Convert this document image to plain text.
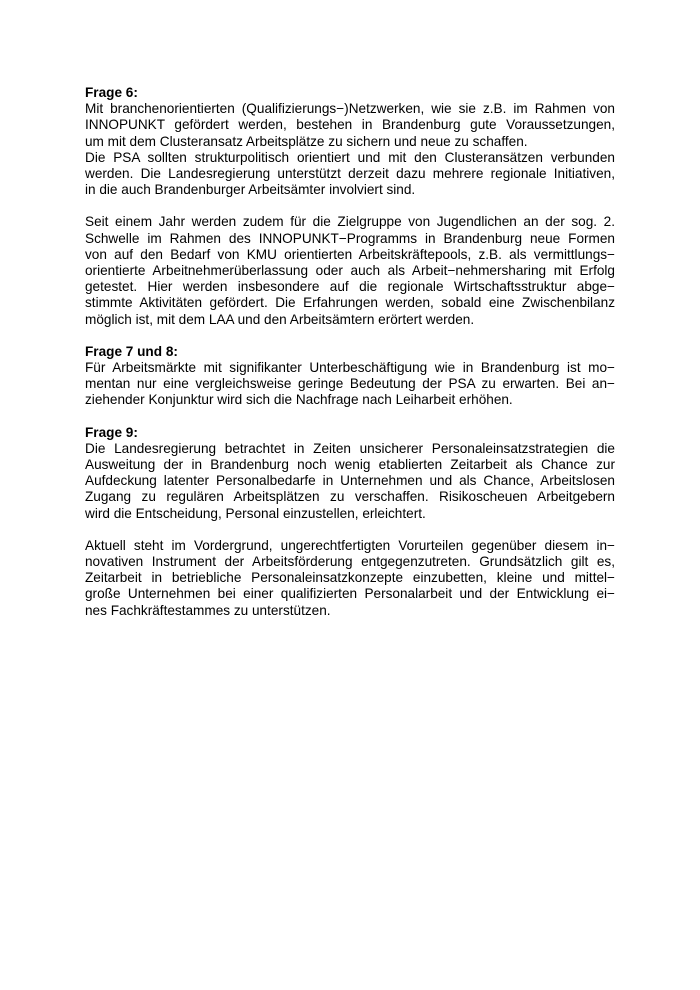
Frage 6:

Mit branchenorientierten (Qualifizierungs−)Netzwerken, wie sie z.B. im Rahmen von
INNOPUNKT gefördert werden, bestehen in Brandenburg gute Voraussetzungen,
um mit dem Clusteransatz Arbeitsplätze zu sichern und neue zu schaffen.
Die PSA sollten strukturpolitisch orientiert und mit den Clusteransätzen verbunden
werden. Die Landesregierung unterstützt derzeit dazu mehrere regionale Initiativen,
in die auch Brandenburger Arbeitsämter involviert sind.
Seit einem Jahr werden zudem für die Zielgruppe von Jugendlichen an der sog. 2.
Schwelle im Rahmen des INNOPUNKT−Programms in Brandenburg neue Formen
von auf den Bedarf von KMU orientierten Arbeitskräftepools, z.B. als vermittlungs−
orientierte Arbeitnehmerüberlassung oder auch als Arbeit−nehmersharing mit Erfolg
getestet. Hier werden insbesondere auf die regionale Wirtschaftsstruktur abge−
stimmte Aktivitäten gefördert. Die Erfahrungen werden, sobald eine Zwischenbilanz
möglich ist, mit dem LAA und den Arbeitsämtern erörtert werden.

Frage 7 und 8:

Für Arbeitsmärkte mit signifikanter Unterbeschäftigung wie in Brandenburg ist mo−
mentan nur eine vergleichsweise geringe Bedeutung der PSA zu erwarten. Bei an−
ziehender Konjunktur wird sich die Nachfrage nach Leiharbeit erhöhen.

Frage 9:

Die Landesregierung betrachtet in Zeiten unsicherer Personaleinsatzstrategien die
Ausweitung der in Brandenburg noch wenig etablierten Zeitarbeit als Chance zur
Aufdeckung latenter Personalbedarfe in Unternehmen und als Chance, Arbeitslosen
Zugang zu regulären Arbeitsplätzen zu verschaffen. Risikoscheuen Arbeitgebern
wird die Entscheidung, Personal einzustellen, erleichtert.
Aktuell steht im Vordergrund, ungerechtfertigten Vorurteilen gegenüber diesem in−
novativen Instrument der Arbeitsförderung entgegenzutreten. Grundsätzlich gilt es,
Zeitarbeit in betriebliche Personaleinsatzkonzepte einzubetten, kleine und mittel−
große Unternehmen bei einer qualifizierten Personalarbeit und der Entwicklung ei−
nes Fachkräftestammes zu unterstützen.
